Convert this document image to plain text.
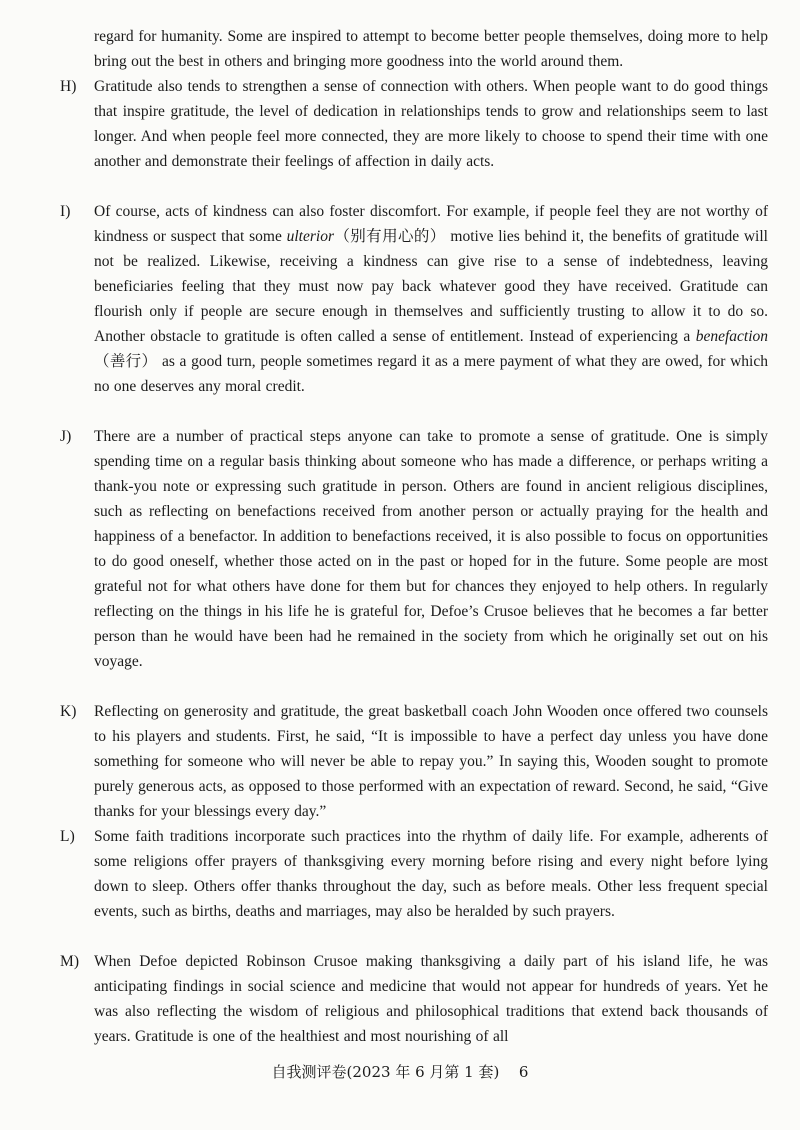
regard for humanity. Some are inspired to attempt to become better people themselves, doing more to help bring out the best in others and bringing more goodness into the world around them.
H) Gratitude also tends to strengthen a sense of connection with others. When people want to do good things that inspire gratitude, the level of dedication in relationships tends to grow and relationships seem to last longer. And when people feel more connected, they are more likely to choose to spend their time with one another and demonstrate their feelings of affection in daily acts.
I) Of course, acts of kindness can also foster discomfort. For example, if people feel they are not worthy of kindness or suspect that some ulterior（别有用心的） motive lies behind it, the benefits of gratitude will not be realized. Likewise, receiving a kindness can give rise to a sense of indebtedness, leaving beneficiaries feeling that they must now pay back whatever good they have received. Gratitude can flourish only if people are secure enough in themselves and sufficiently trusting to allow it to do so. Another obstacle to gratitude is often called a sense of entitlement. Instead of experiencing a benefaction（善行） as a good turn, people sometimes regard it as a mere payment of what they are owed, for which no one deserves any moral credit.
J) There are a number of practical steps anyone can take to promote a sense of gratitude. One is simply spending time on a regular basis thinking about someone who has made a difference, or perhaps writing a thank-you note or expressing such gratitude in person. Others are found in ancient religious disciplines, such as reflecting on benefactions received from another person or actually praying for the health and happiness of a benefactor. In addition to benefactions received, it is also possible to focus on opportunities to do good oneself, whether those acted on in the past or hoped for in the future. Some people are most grateful not for what others have done for them but for chances they enjoyed to help others. In regularly reflecting on the things in his life he is grateful for, Defoe’s Crusoe believes that he becomes a far better person than he would have been had he remained in the society from which he originally set out on his voyage.
K) Reflecting on generosity and gratitude, the great basketball coach John Wooden once offered two counsels to his players and students. First, he said, “It is impossible to have a perfect day unless you have done something for someone who will never be able to repay you.” In saying this, Wooden sought to promote purely generous acts, as opposed to those performed with an expectation of reward. Second, he said, “Give thanks for your blessings every day.”
L) Some faith traditions incorporate such practices into the rhythm of daily life. For example, adherents of some religions offer prayers of thanksgiving every morning before rising and every night before lying down to sleep. Others offer thanks throughout the day, such as before meals. Other less frequent special events, such as births, deaths and marriages, may also be heralded by such prayers.
M) When Defoe depicted Robinson Crusoe making thanksgiving a daily part of his island life, he was anticipating findings in social science and medicine that would not appear for hundreds of years. Yet he was also reflecting the wisdom of religious and philosophical traditions that extend back thousands of years. Gratitude is one of the healthiest and most nourishing of all
自我测评卷(2023 年 6 月第 1 套) 6
